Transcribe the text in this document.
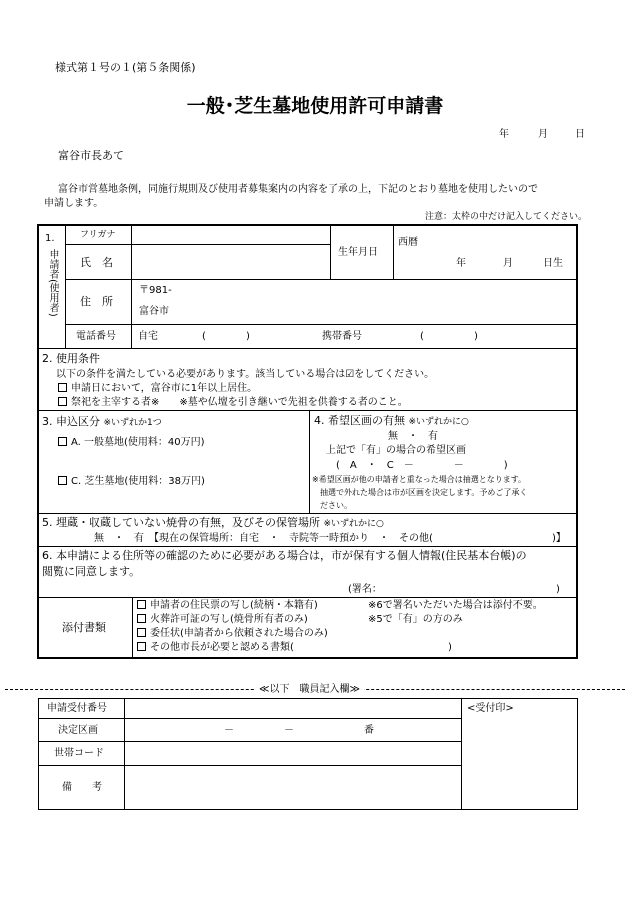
様式第１号の１(第５条関係)
一般･芝生墓地使用許可申請書
年	月	日
富谷市長あて
富谷市営墓地条例，同施行規則及び使用者募集案内の内容を了承の上，下記のとおり墓地を使用したいので
申請します。
注意：太枠の中だけ記入してください。
1.
申請者(使用者)
フリガナ
氏　名
生年月日
西暦
年	月	日生
住　所
〒981-
富谷市
電話番号 自宅	(	)	携帯番号	(	)
2. 使用条件
以下の条件を満たしている必要があります。該当している場合は☑をしてください。
申請日において，富谷市に1年以上居住。
祭祀を主宰する者※　　※墓や仏壇を引き継いで先祖を供養する者のこと。
3. 申込区分 ※いずれか1つ
A. 一般墓地(使用料：40万円)
C. 芝生墓地(使用料：38万円)
4. 希望区画の有無 ※いずれかに○
無　・　有
上記で「有」の場合の希望区画
(　A　・　C　－　　　　－　　　　)
※希望区画が他の申請者と重なった場合は抽選となります。
抽選で外れた場合は市が区画を決定します。予めご了承く
ださい。
5. 埋蔵・収蔵していない焼骨の有無，及びその保管場所 ※いずれかに○
無　・　有　【現在の保管場所：自宅　・　寺院等一時預かり　・　その他(	)】
6. 本申請による住所等の確認のために必要がある場合は，市が保有する個人情報(住民基本台帳)の
閲覧に同意します。
(署名：	)
添付書類
申請者の住民票の写し(続柄・本籍有)	※6で署名いただいた場合は添付不要。
火葬許可証の写し(焼骨所有者のみ)	※5で「有」の方のみ
委任状(申請者から依頼された場合のみ)
その他市長が必要と認める書類(	)
≪以下　職員記入欄≫
申請受付番号
決定区画	－　　　　　－　　　　　　　番
世帯コード
備　　考
<受付印>
